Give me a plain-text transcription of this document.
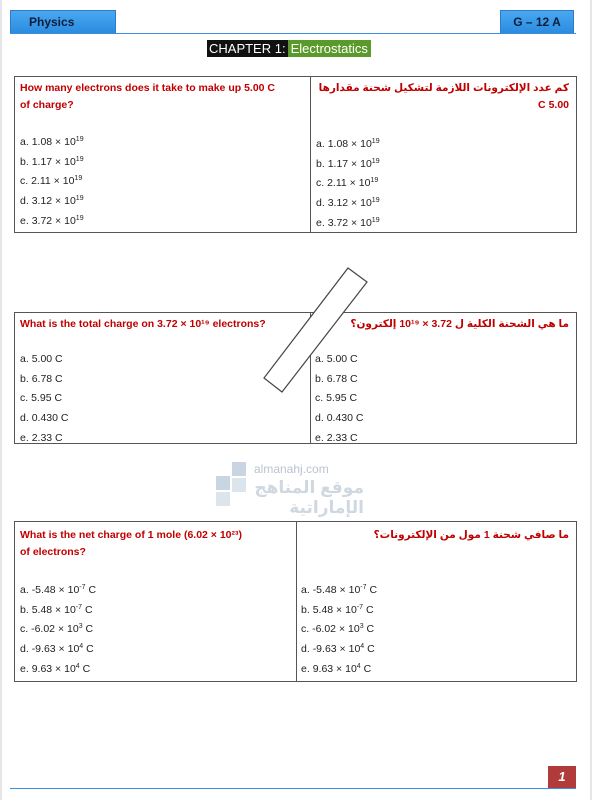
Physics	G – 12 A
CHAPTER 1: Electrostatics
How many electrons does it take to make up 5.00 C
of charge?
كم عدد الإلكترونات اللازمة لتشكيل شحنة مقدارها 5.00 C
a. $1.08 \times 10^{19}$
b. $1.17 \times 10^{19}$
c. $2.11 \times 10^{19}$
d. $3.12 \times 10^{19}$
e. $3.72 \times 10^{19}$
a. $1.08 \times 10^{19}$
b. $1.17 \times 10^{19}$
c. $2.11 \times 10^{19}$
d. $3.12 \times 10^{19}$
e. $3.72 \times 10^{19}$
What is the total charge on 3.72 × 10¹⁹ electrons?	ما هي الشحنة الكلية ل 3.72 × 10¹⁹ إلكترون؟
a. 5.00 C
b. 6.78 C
c. 5.95 C
d. 0.430 C
e. 2.33 C
a. 5.00 C
b. 6.78 C
c. 5.95 C
d. 0.430 C
e. 2.33 C
almanahj.com
موقع المناهج الإماراتية
What is the net charge of 1 mole (6.02 × 10²³)
of electrons?
ما صافي شحنة 1 مول من الإلكترونات؟
a. $-5.48 \times 10^{-7}$ C
b. $5.48 \times 10^{-7}$ C
c. $-6.02 \times 10^3$ C
d. $-9.63 \times 10^4$ C
e. $9.63 \times 10^4$ C
a. $-5.48 \times 10^{-7}$ C
b. $5.48 \times 10^{-7}$ C
c. $-6.02 \times 10^3$ C
d. $-9.63 \times 10^4$ C
e. $9.63 \times 10^4$ C
1
